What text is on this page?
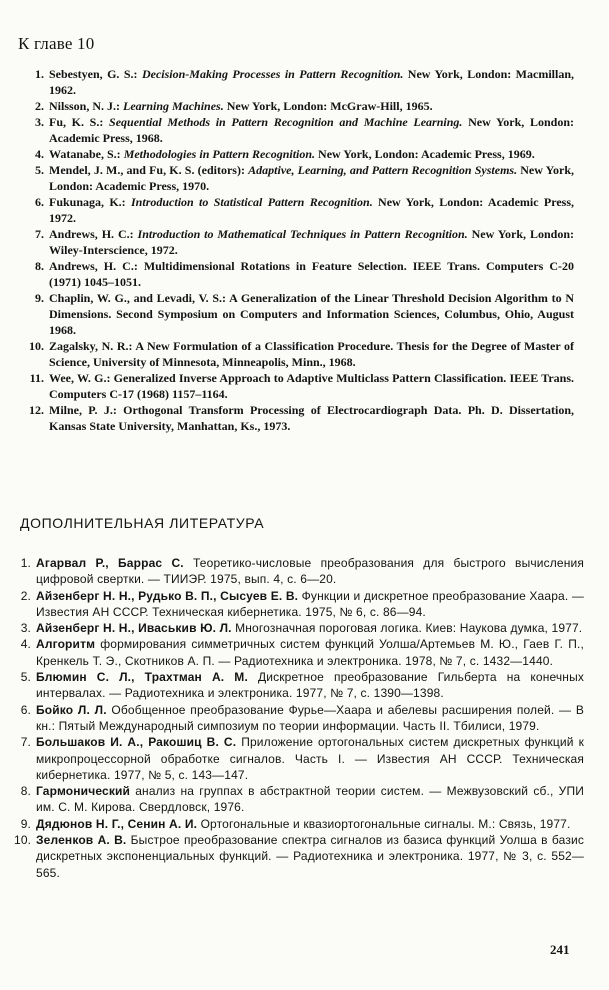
К главе 10
1. Sebestyen, G. S.: Decision-Making Processes in Pattern Recognition. New York, London: Macmillan, 1962.
2. Nilsson, N. J.: Learning Machines. New York, London: McGraw-Hill, 1965.
3. Fu, K. S.: Sequential Methods in Pattern Recognition and Machine Learning. New York, London: Academic Press, 1968.
4. Watanabe, S.: Methodologies in Pattern Recognition. New York, London: Academic Press, 1969.
5. Mendel, J. M., and Fu, K. S. (editors): Adaptive, Learning, and Pattern Recognition Systems. New York, London: Academic Press, 1970.
6. Fukunaga, K.: Introduction to Statistical Pattern Recognition. New York, London: Academic Press, 1972.
7. Andrews, H. C.: Introduction to Mathematical Techniques in Pattern Recognition. New York, London: Wiley-Interscience, 1972.
8. Andrews, H. C.: Multidimensional Rotations in Feature Selection. IEEE Trans. Computers C-20 (1971) 1045–1051.
9. Chaplin, W. G., and Levadi, V. S.: A Generalization of the Linear Threshold Decision Algorithm to N Dimensions. Second Symposium on Computers and Information Sciences, Columbus, Ohio, August 1968.
10. Zagalsky, N. R.: A New Formulation of a Classification Procedure. Thesis for the Degree of Master of Science, University of Minnesota, Minneapolis, Minn., 1968.
11. Wee, W. G.: Generalized Inverse Approach to Adaptive Multiclass Pattern Classification. IEEE Trans. Computers C-17 (1968) 1157–1164.
12. Milne, P. J.: Orthogonal Transform Processing of Electrocardiograph Data. Ph. D. Dissertation, Kansas State University, Manhattan, Ks., 1973.
ДОПОЛНИТЕЛЬНАЯ ЛИТЕРАТУРА
1. Агарвал Р., Баррас С. Теоретико-числовые преобразования для быстрого вычисления цифровой свертки. — ТИИЭР. 1975, вып. 4, с. 6—20.
2. Айзенберг Н. Н., Рудько В. П., Сысуев Е. В. Функции и дискретное преобразование Хаара. — Известия АН СССР. Техническая кибернетика. 1975, № 6, с. 86—94.
3. Айзенберг Н. Н., Иваськив Ю. Л. Многозначная пороговая логика. Киев: Наукова думка, 1977.
4. Алгоритм формирования симметричных систем функций Уолша/Артемьев М. Ю., Гаев Г. П., Кренкель Т. Э., Скотников А. П. — Радиотехника и электроника. 1978, № 7, с. 1432—1440.
5. Блюмин С. Л., Трахтман А. М. Дискретное преобразование Гильберта на конечных интервалах. — Радиотехника и электроника. 1977, № 7, с. 1390—1398.
6. Бойко Л. Л. Обобщенное преобразование Фурье—Хаара и абелевы расширения полей. — В кн.: Пятый Международный симпозиум по теории информации. Часть II. Тбилиси, 1979.
7. Большаков И. А., Ракошиц В. С. Приложение ортогональных систем дискретных функций к микропроцессорной обработке сигналов. Часть I. — Известия АН СССР. Техническая кибернетика. 1977, № 5, с. 143—147.
8. Гармонический анализ на группах в абстрактной теории систем. — Межвузовский сб., УПИ им. С. М. Кирова. Свердловск, 1976.
9. Дядюнов Н. Г., Сенин А. И. Ортогональные и квазиортогональные сигналы. М.: Связь, 1977.
10. Зеленков А. В. Быстрое преобразование спектра сигналов из базиса функций Уолша в базис дискретных экспоненциальных функций. — Радиотехника и электроника. 1977, № 3, с. 552—565.
241
